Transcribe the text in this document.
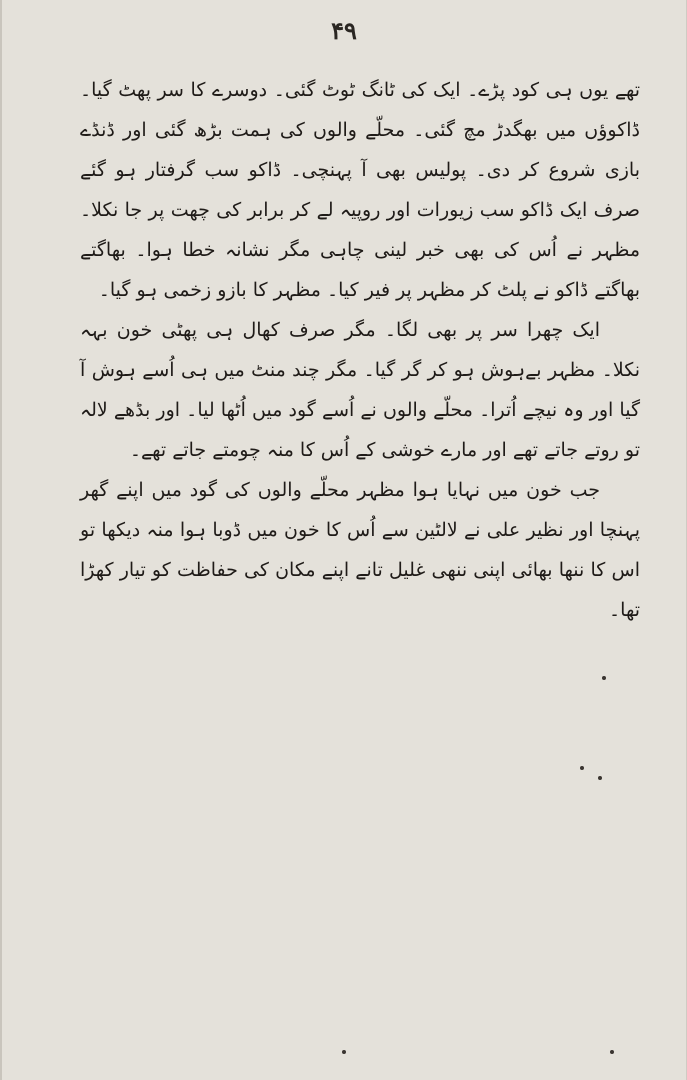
۴۹

تھے یوں ہی کود پڑے۔ ایک کی ٹانگ ٹوٹ گئی۔ دوسرے کا سر پھٹ گیا۔ ڈاکوؤں میں بھگدڑ مچ گئی۔ محلّے والوں کی ہمت بڑھ گئی اور ڈنڈے بازی شروع کر دی۔ پولیس بھی آ پہنچی۔ ڈاکو سب گرفتار ہو گئے صرف ایک ڈاکو سب زیورات اور روپیہ لے کر برابر کی چھت پر جا نکلا۔ مظہر نے اُس کی بھی خبر لینی چاہی مگر نشانہ خطا ہوا۔ بھاگتے بھاگتے ڈاکو نے پلٹ کر مظہر پر فیر کیا۔ مظہر کا بازو زخمی ہو گیا۔

ایک چھرا سر پر بھی لگا۔ مگر صرف کھال ہی پھٹی خون بہہ نکلا۔ مظہر بےہوش ہو کر گر گیا۔ مگر چند منٹ میں ہی اُسے ہوش آ گیا اور وہ نیچے اُترا۔ محلّے والوں نے اُسے گود میں اُٹھا لیا۔ اور بڈھے لالہ تو روتے جاتے تھے اور مارے خوشی کے اُس کا منہ چومتے جاتے تھے۔

جب خون میں نہایا ہوا مظہر محلّے والوں کی گود میں اپنے گھر پہنچا اور نظیر علی نے لالٹین سے اُس کا خون میں ڈوبا ہوا منہ دیکھا تو اس کا ننھا بھائی اپنی ننھی غلیل تانے اپنے مکان کی حفاظت کو تیار کھڑا تھا۔
